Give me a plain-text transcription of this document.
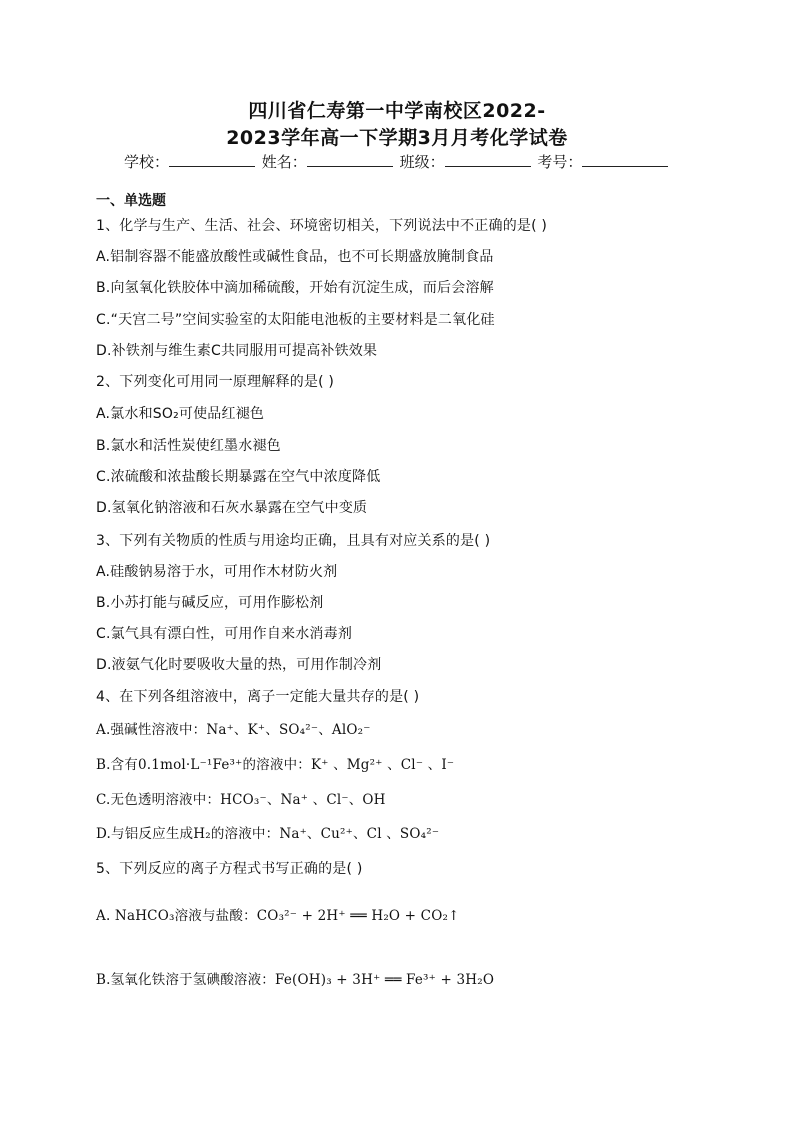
四川省仁寿第一中学南校区2022-
2023学年高一下学期3月月考化学试卷
学校：	姓名：	班级：	考号：
一、单选题
1、化学与生产、生活、社会、环境密切相关，下列说法中不正确的是( )
A.铝制容器不能盛放酸性或碱性食品，也不可长期盛放腌制食品
B.向氢氧化铁胶体中滴加稀硫酸，开始有沉淀生成，而后会溶解
C.“天宫二号”空间实验室的太阳能电池板的主要材料是二氧化硅
D.补铁剂与维生素C共同服用可提高补铁效果
2、下列变化可用同一原理解释的是( )
A.氯水和SO₂可使品红褪色
B.氯水和活性炭使红墨水褪色
C.浓硫酸和浓盐酸长期暴露在空气中浓度降低
D.氢氧化钠溶液和石灰水暴露在空气中变质
3、下列有关物质的性质与用途均正确，且具有对应关系的是( )
A.硅酸钠易溶于水，可用作木材防火剂
B.小苏打能与碱反应，可用作膨松剂
C.氯气具有漂白性，可用作自来水消毒剂
D.液氨气化时要吸收大量的热，可用作制冷剂
4、在下列各组溶液中，离子一定能大量共存的是( )
A.强碱性溶液中：Na⁺、K⁺、SO₄²⁻、AlO₂⁻
B.含有0.1mol·L⁻¹Fe³⁺的溶液中：K⁺ 、Mg²⁺ 、Cl⁻ 、I⁻
C.无色透明溶液中：HCO₃⁻、Na⁺ 、Cl⁻、OH
D.与铝反应生成H₂的溶液中：Na⁺、Cu²⁺、Cl 、SO₄²⁻
5、下列反应的离子方程式书写正确的是( )
A. NaHCO₃溶液与盐酸：CO₃²⁻ + 2H⁺ ══ H₂O + CO₂↑
B.氢氧化铁溶于氢碘酸溶液：Fe(OH)₃ + 3H⁺ ══ Fe³⁺ + 3H₂O
